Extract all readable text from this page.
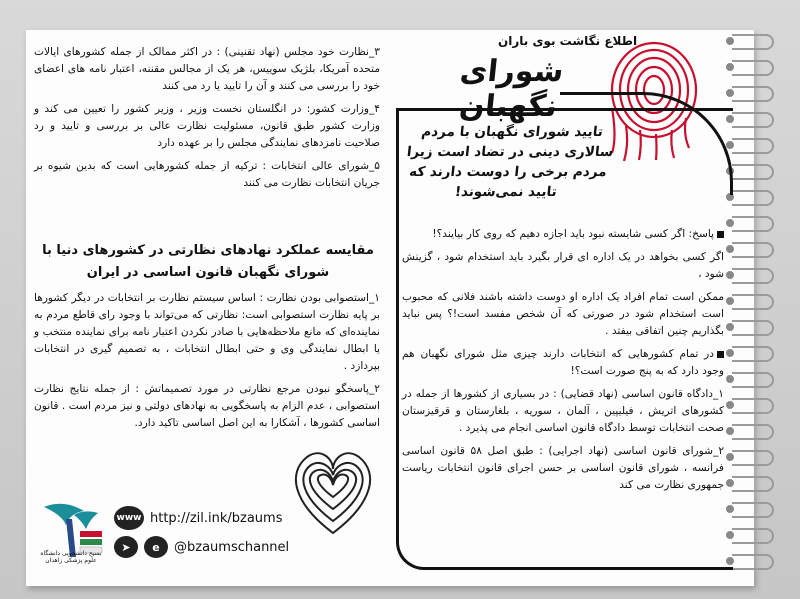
اطلاع نگاشت بوی باران
شورای نگهبان
تایید شورای نگهبان با مردم سالاری دینی در تضاد است زیرا مردم برخی را دوست دارند که تایید نمی‌شوند!

۳_نظارت خود مجلس (نهاد تقنینی) : در اکثر ممالک از جمله کشورهای ایالات متحده آمریکا، بلژیک سوییس، هر یک از مجالس مقننه، اعتبار نامه های اعضای خود را بررسی می کنند و آن را تایید یا رد می کنند

۴_وزارت کشور: در انگلستان نخست وزیر ، وزیر کشور را تعیین می کند و وزارت کشور طبق قانون، مسئولیت نظارت عالی بر بررسی و تایید و رد صلاحیت نامزدهای نمایندگی مجلس را بر عهده دارد

۵_شورای عالی انتخابات : ترکیه از جمله کشورهایی است که بدین شیوه بر جریان انتخابات نظارت می کنند

مقایسه عملکرد نهادهای نظارتی در کشورهای دنیا با شورای نگهبان قانون اساسی در ایران

۱_استصوابی بودن نظارت : اساس سیستم نظارت بر انتخابات در دیگر کشورها بر پایه نظارت استصوابی است: نظارتی که می‌تواند با وجود رای قاطع مردم به نماینده‌ای که مانع ملاحظه‌هایی با صادر نکردن اعتبار نامه برای نماینده منتخب و یا ابطال نمایندگی وی و حتی ابطال انتخابات ، به تصمیم گیری در انتخابات بپردازد .

۲_پاسخگو نبودن مرجع نظارتی در مورد تصمیماتش : از جمله نتایج نظارت استصوابی ، عدم الزام به پاسخگویی به نهادهای دولتی و نیز مردم است . قانون اساسی کشورها ، آشکارا به این اصل اساسی تاکید دارد.

پاسخ: اگر کسی شایسته نبود باید اجازه دهیم که روی کار بیایند؟!

اگر کسی بخواهد در یک اداره ای قرار بگیرد باید استخدام شود ، گزینش شود ،

ممکن است تمام افراد یک اداره او دوست داشته باشند فلانی که محبوب است استخدام شود در صورتی که آن شخص مفسد است!؟ پس نباید بگذاریم چنین اتفاقی بیفتد .

در تمام کشورهایی که انتخابات دارند چیزی مثل شورای نگهبان هم وجود دارد که به پنج صورت است؟!

۱_دادگاه قانون اساسی (نهاد قضایی) : در بسیاری از کشورها از جمله در کشورهای اتریش ، فیلیپین ، آلمان ، سوریه ، بلغارستان و قرقیزستان صحت انتخابات توسط دادگاه قانون اساسی انجام می پذیرد .

۲_شورای قانون اساسی (نهاد اجرایی) : طبق اصل ۵۸ قانون اساسی فرانسه ، شورای قانون اساسی بر حسن اجرای قانون انتخابات ریاست جمهوری نظارت می کند

بسیج دانشجویی دانشگاه علوم پزشکی زاهدان
www http://zil.ink/bzaums
➤	e	@bzaumschannel
